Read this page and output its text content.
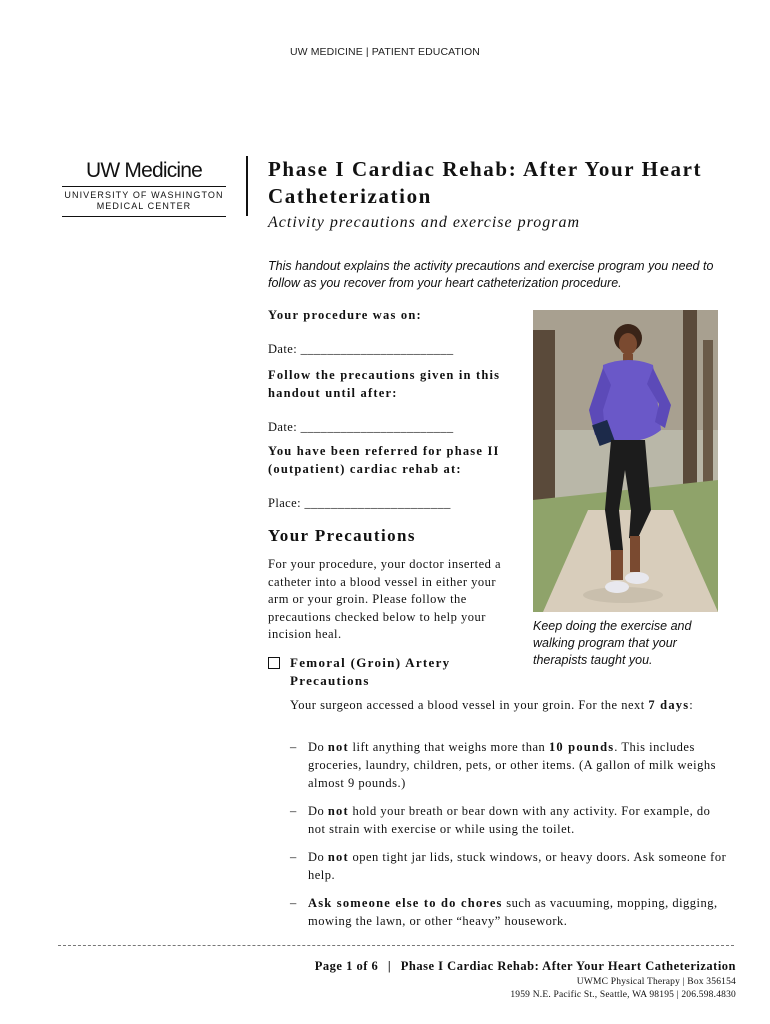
UW MEDICINE | PATIENT EDUCATION
UW Medicine
UNIVERSITY OF WASHINGTON
MEDICAL CENTER
Phase I Cardiac Rehab: After Your Heart Catheterization
Activity precautions and exercise program
This handout explains the activity precautions and exercise program you need to follow as you recover from your heart catheterization procedure.
Your procedure was on:
Date: _______________________
Follow the precautions given in this handout until after:
Date: _______________________
You have been referred for phase II (outpatient) cardiac rehab at:
Place: ______________________
Keep doing the exercise and walking program that your therapists taught you.
Your Precautions
For your procedure, your doctor inserted a catheter into a blood vessel in either your arm or your groin. Please follow the precautions checked below to help your incision heal.
Femoral (Groin) Artery Precautions
Your surgeon accessed a blood vessel in your groin. For the next 7 days:
– Do not lift anything that weighs more than 10 pounds. This includes groceries, laundry, children, pets, or other items. (A gallon of milk weighs almost 9 pounds.)
– Do not hold your breath or bear down with any activity. For example, do not strain with exercise or while using the toilet.
– Do not open tight jar lids, stuck windows, or heavy doors. Ask someone for help.
– Ask someone else to do chores such as vacuuming, mopping, digging, mowing the lawn, or other “heavy” housework.
Page 1 of 6 | Phase I Cardiac Rehab: After Your Heart Catheterization
UWMC Physical Therapy | Box 356154
1959 N.E. Pacific St., Seattle, WA 98195 | 206.598.4830
